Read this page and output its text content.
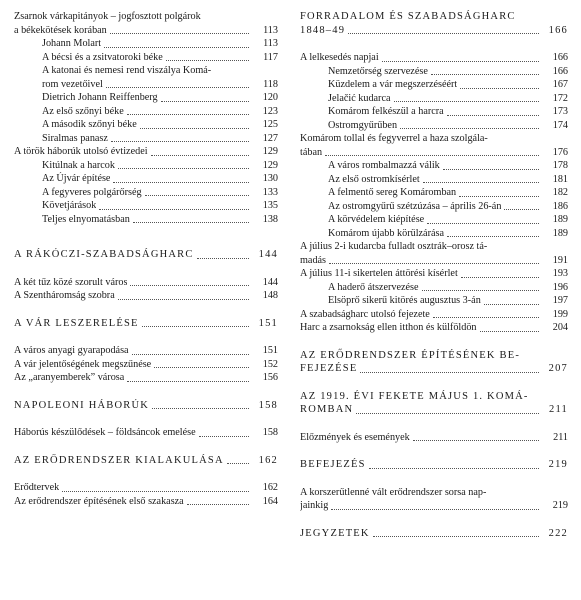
Zsarnok várkapitányok – jogfosztott polgárok
a békekötések korában	113
Johann Molart	113
A bécsi és a zsitvatoroki béke	117
A katonai és nemesi rend viszálya Komá-
rom vezetőivel	118
Dietrich Johann Reiffenberg	120
Az első szőnyi béke	123
A második szőnyi béke	125
Siralmas panasz	127
A török háborúk utolsó évtizedei	129
Kitúlnak a harcok	129
Az Újvár építése	130
A fegyveres polgárőrség	133
Követjárások	135
Teljes elnyomatásban	138
A RÁKÓCZI-SZABADSÁGHARC	144
A két tűz közé szorult város	144
A Szentháromság szobra	148
A VÁR LESZERELÉSE	151
A város anyagi gyarapodása	151
A vár jelentőségének megszűnése	152
Az „aranyemberek” városa	156
NAPOLEONI HÁBORÚK	158
Háborús készülődések – földsáncok emelése	158
AZ ERŐDRENDSZER KIALAKULÁSA	162
Erődtervek	162
Az erődrendszer építésének első szakasza	164
FORRADALOM ÉS SZABADSÁGHARC
1848–49	166
A lelkesedés napjai	166
Nemzetőrség szervezése	166
Küzdelem a vár megszerzéséért	167
Jelačić kudarca	172
Komárom felkészül a harcra	173
Ostromgyűrűben	174
Komárom tollal és fegyverrel a haza szolgála-
tában	176
A város rombalmazzá válik	178
Az első ostromkísérlet	181
A felmentő sereg Komáromban	182
Az ostromgyűrű szétzúzása – április 26-án	186
A körvédelem kiépítése	189
Komárom újabb körülzárása	189
A július 2-i kudarcba fulladt osztrák–orosz tá-
madás	191
A július 11-i sikertelen áttörési kísérlet	193
A haderő átszervezése	196
Elsöprő sikerű kitörés augusztus 3-án	197
A szabadságharc utolsó fejezete	199
Harc a zsarnokság ellen itthon és külföldön	204
AZ ERŐDRENDSZER ÉPÍTÉSÉNEK BE-
FEJEZÉSE	207
AZ 1919. ÉVI FEKETE MÁJUS 1. KOMÁ-
ROMBAN	211
Előzmények és események	211
BEFEJEZÉS	219
A korszerűtlenné vált erődrendszer sorsa nap-
jainkig	219
JEGYZETEK	222
